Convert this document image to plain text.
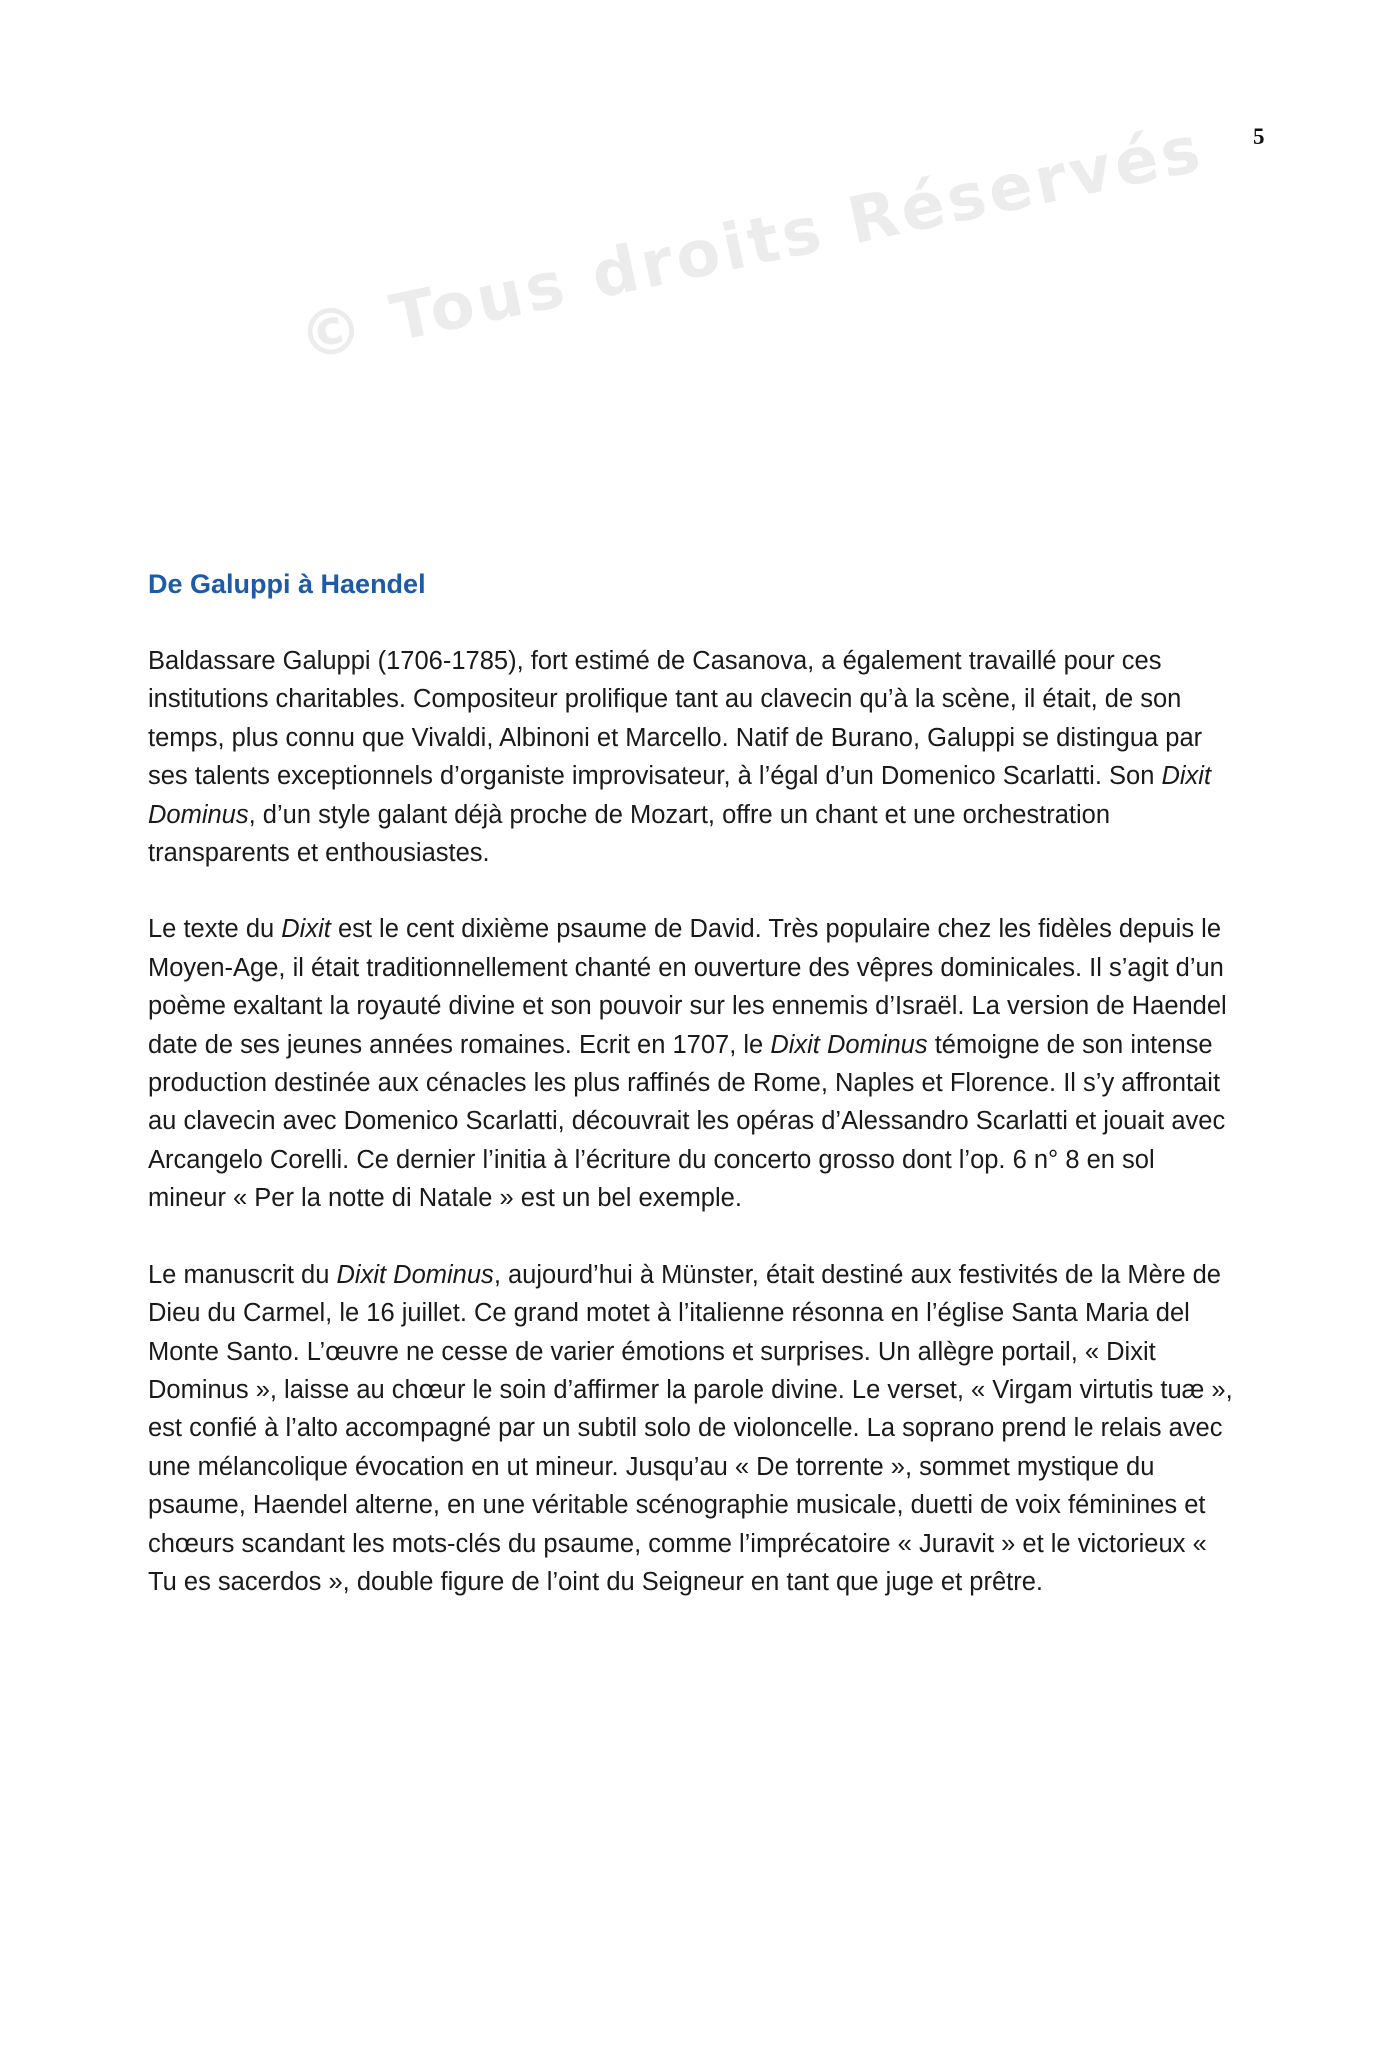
© Tous droits Réservés 5
De Galuppi à Haendel

Baldassare Galuppi (1706-1785), fort estimé de Casanova, a également travaillé pour ces institutions charitables. Compositeur prolifique tant au clavecin qu’à la scène, il était, de son temps, plus connu que Vivaldi, Albinoni et Marcello. Natif de Burano, Galuppi se distingua par ses talents exceptionnels d’organiste improvisateur, à l’égal d’un Domenico Scarlatti. Son Dixit Dominus, d’un style galant déjà proche de Mozart, offre un chant et une orchestration transparents et enthousiastes.

Le texte du Dixit est le cent dixième psaume de David. Très populaire chez les fidèles depuis le Moyen-Age, il était traditionnellement chanté en ouverture des vêpres dominicales. Il s’agit d’un poème exaltant la royauté divine et son pouvoir sur les ennemis d’Israël. La version de Haendel date de ses jeunes années romaines. Ecrit en 1707, le Dixit Dominus témoigne de son intense production destinée aux cénacles les plus raffinés de Rome, Naples et Florence. Il s’y affrontait au clavecin avec Domenico Scarlatti, découvrait les opéras d’Alessandro Scarlatti et jouait avec Arcangelo Corelli. Ce dernier l’initia à l’écriture du concerto grosso dont l’op. 6 n° 8 en sol mineur « Per la notte di Natale » est un bel exemple.

Le manuscrit du Dixit Dominus, aujourd’hui à Münster, était destiné aux festivités de la Mère de Dieu du Carmel, le 16 juillet. Ce grand motet à l’italienne résonna en l’église Santa Maria del Monte Santo. L’œuvre ne cesse de varier émotions et surprises. Un allègre portail, « Dixit Dominus », laisse au chœur le soin d’affirmer la parole divine. Le verset, « Virgam virtutis tuæ », est confié à l’alto accompagné par un subtil solo de violoncelle. La soprano prend le relais avec une mélancolique évocation en ut mineur. Jusqu’au « De torrente », sommet mystique du psaume, Haendel alterne, en une véritable scénographie musicale, duetti de voix féminines et chœurs scandant les mots-clés du psaume, comme l’imprécatoire « Juravit » et le victorieux « Tu es sacerdos », double figure de l’oint du Seigneur en tant que juge et prêtre.
